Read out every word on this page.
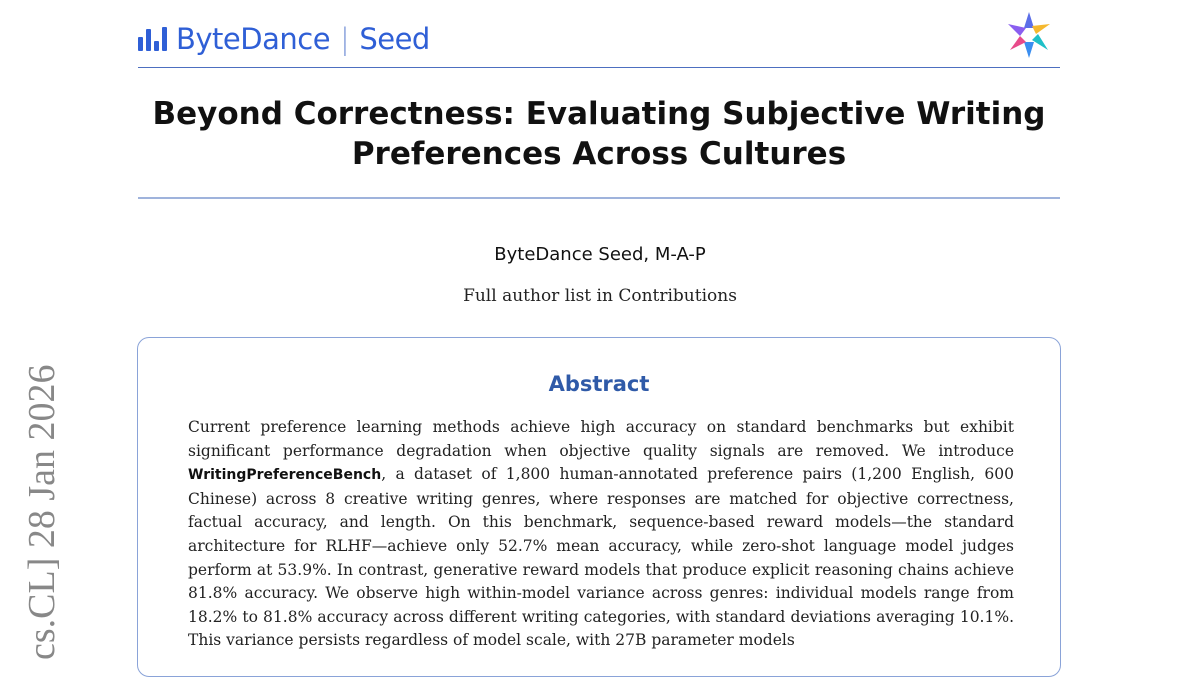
ByteDance | Seed
Beyond Correctness: Evaluating Subjective Writing
Preferences Across Cultures
ByteDance Seed, M-A-P
Full author list in Contributions
Abstract

Current preference learning methods achieve high accuracy on standard benchmarks but exhibit significant performance degradation when objective quality signals are removed. We introduce WritingPreferenceBench, a dataset of 1,800 human-annotated preference pairs (1,200 English, 600 Chinese) across 8 creative writing genres, where responses are matched for objective correctness, factual accuracy, and length. On this benchmark, sequence-based reward models—the standard architecture for RLHF—achieve only 52.7% mean accuracy, while zero-shot language model judges perform at 53.9%. In contrast, generative reward models that produce explicit reasoning chains achieve 81.8% accuracy. We observe high within-model variance across genres: individual models range from 18.2% to 81.8% accuracy across different writing categories, with standard deviations averaging 10.1%. This variance persists regardless of model scale, with 27B parameter models

cs.CL] 28 Jan 2026
